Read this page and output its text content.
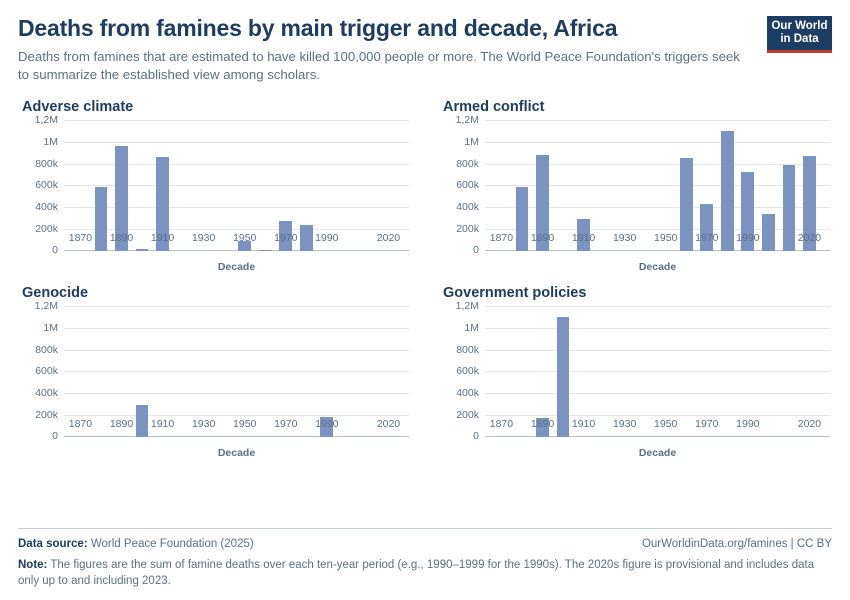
Deaths from famines by main trigger and decade, Africa
Deaths from famines that are estimated to have killed 100,000 people or more. The World Peace Foundation's triggers seek to summarize the established view among scholars.
Our World
in Data
Adverse climate
0
200k
400k
600k
800k
1M
1,2M
1870 1890 1910 1930 1950 1970 1990	2020
Decade
Armed conflict
0
200k
400k
600k
800k
1M
1,2M
1870 1890 1910 1930 1950 1970 1990	2020
Decade
Genocide
0
200k
400k
600k
800k
1M
1,2M
1870 1890 1910 1930 1950 1970 1990	2020
Decade
Government policies
0
200k
400k
600k
800k
1M
1,2M
1870 1890 1910 1930 1950 1970 1990	2020
Decade
Data source: World Peace Foundation (2025)	OurWorldinData.org/famines | CC BY
Note: The figures are the sum of famine deaths over each ten-year period (e.g., 1990–1999 for the 1990s). The 2020s figure is provisional and includes data only up to and including 2023.
